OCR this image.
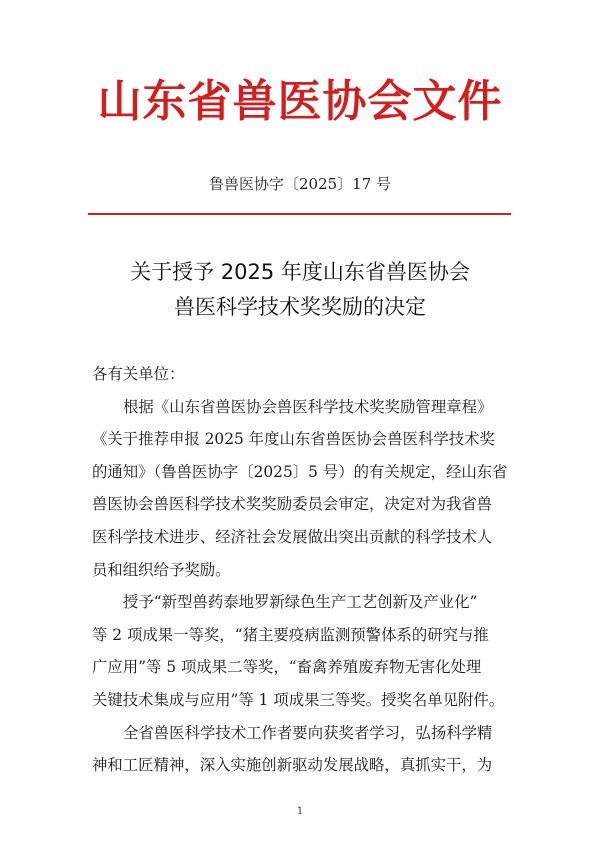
山东省兽医协会文件
鲁兽医协字〔2025〕17 号
关于授予 2025 年度山东省兽医协会
兽医科学技术奖奖励的决定

各有关单位：

根据《山东省兽医协会兽医科学技术奖奖励管理章程》

《关于推荐申报 2025 年度山东省兽医协会兽医科学技术奖

的通知》（鲁兽医协字〔2025〕5 号）的有关规定，经山东省

兽医协会兽医科学技术奖奖励委员会审定，决定对为我省兽

医科学技术进步、经济社会发展做出突出贡献的科学技术人

员和组织给予奖励。

授予“新型兽药泰地罗新绿色生产工艺创新及产业化”

等 2 项成果一等奖，“猪主要疫病监测预警体系的研究与推

广应用”等 5 项成果二等奖，“畜禽养殖废弃物无害化处理

关键技术集成与应用”等 1 项成果三等奖。授奖名单见附件。

全省兽医科学技术工作者要向获奖者学习，弘扬科学精

神和工匠精神，深入实施创新驱动发展战略，真抓实干，为

1
